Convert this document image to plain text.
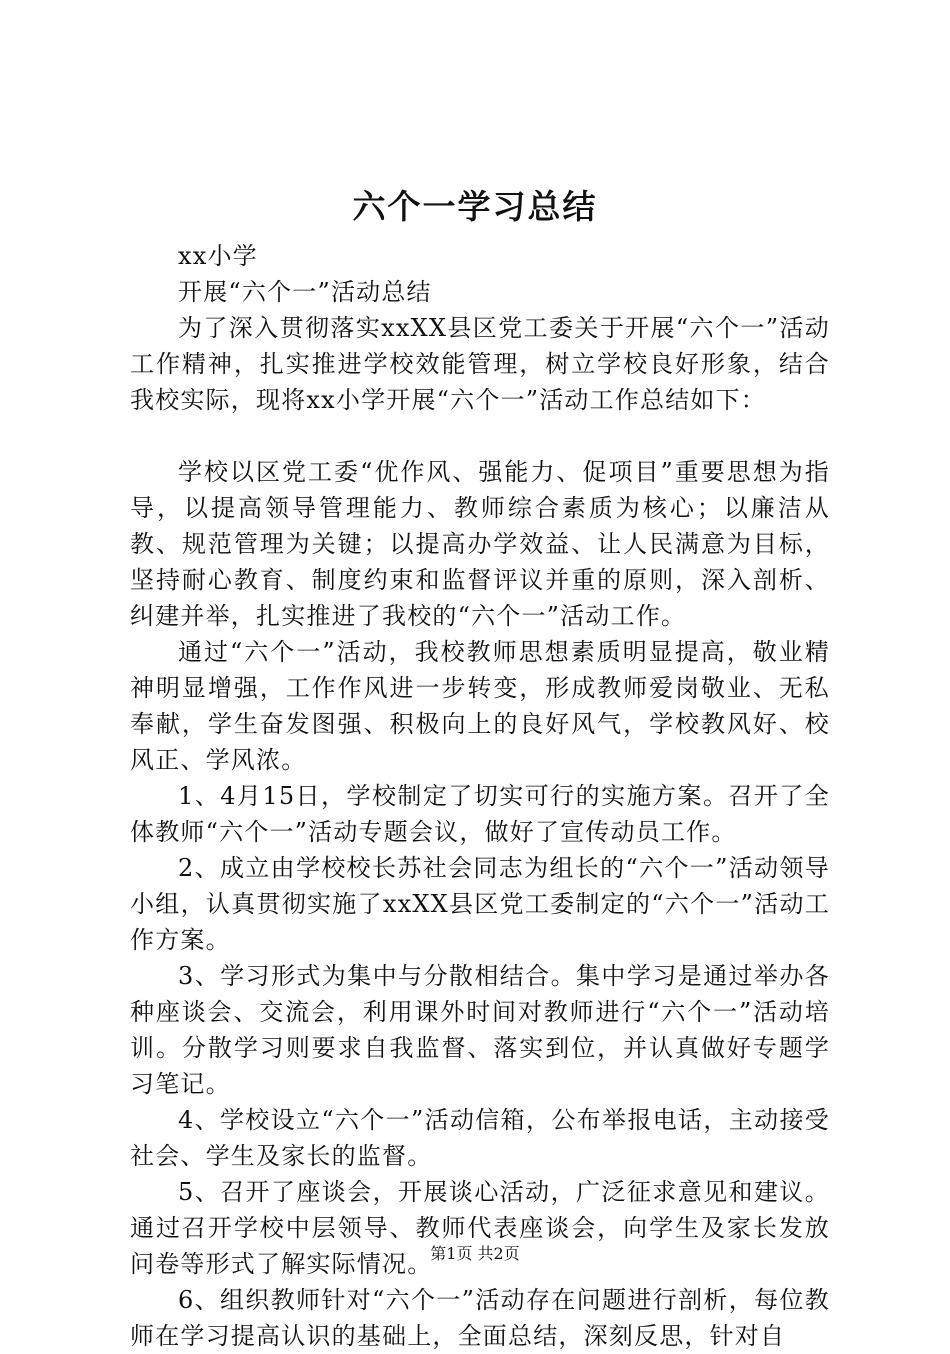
六个一学习总结

xx小学

开展“六个一”活动总结

为了深入贯彻落实xxXX县区党工委关于开展“六个一”活动工作精神，扎实推进学校效能管理，树立学校良好形象，结合我校实际，现将xx小学开展“六个一”活动工作总结如下：

学校以区党工委“优作风、强能力、促项目”重要思想为指导，以提高领导管理能力、教师综合素质为核心；以廉洁从教、规范管理为关键；以提高办学效益、让人民满意为目标，坚持耐心教育、制度约束和监督评议并重的原则，深入剖析、纠建并举，扎实推进了我校的“六个一”活动工作。

通过“六个一”活动，我校教师思想素质明显提高，敬业精神明显增强，工作作风进一步转变，形成教师爱岗敬业、无私奉献，学生奋发图强、积极向上的良好风气，学校教风好、校风正、学风浓。

1、4月15日，学校制定了切实可行的实施方案。召开了全体教师“六个一”活动专题会议，做好了宣传动员工作。

2、成立由学校校长苏社会同志为组长的“六个一”活动领导小组，认真贯彻实施了xxXX县区党工委制定的“六个一”活动工作方案。

3、学习形式为集中与分散相结合。集中学习是通过举办各种座谈会、交流会，利用课外时间对教师进行“六个一”活动培训。分散学习则要求自我监督、落实到位，并认真做好专题学习笔记。

4、学校设立“六个一”活动信箱，公布举报电话，主动接受社会、学生及家长的监督。

5、召开了座谈会，开展谈心活动，广泛征求意见和建议。通过召开学校中层领导、教师代表座谈会，向学生及家长发放问卷等形式了解实际情况。

6、组织教师针对“六个一”活动存在问题进行剖析，每位教师在学习提高认识的基础上，全面总结，深刻反思，针对自

第1页 共2页
